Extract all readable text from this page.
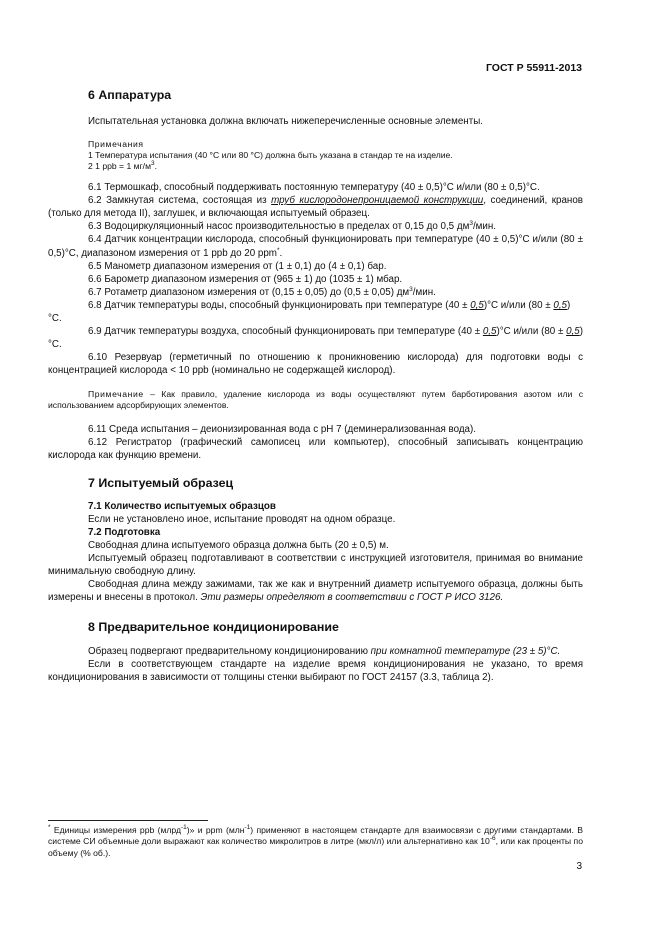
ГОСТ Р 55911-2013
6 Аппаратура

Испытательная установка должна включать нижеперечисленные основные элементы.

Примечания

1 Температура испытания (40 °С или 80 °С) должна быть указана в стандар те на изделие.

2 1 ppb = 1 $мг/м^3$.

6.1 Термошкаф, способный поддерживать постоянную температуру (40 ± 0,5)°С и/или (80 ± 0,5)°С.

6.2 Замкнутая система, состоящая из труб кислородонепроницаемой конструкции, соединений, кранов (только для метода II), заглушек, и включающая испытуемый образец.

6.3 Водоциркуляционный насос производительностью в пределах от 0,15 до 0,5 $дм^3$/мин.

6.4 Датчик концентрации кислорода, способный функционировать при температуре (40 ± 0,5)°С и/или (80 ± 0,5)°С, диапазоном измерения от 1 ppb до 20 ppm*.

6.5 Манометр диапазоном измерения от (1 ± 0,1) до (4 ± 0,1) бар.

6.6 Барометр диапазоном измерения от (965 ± 1) до (1035 ± 1) мбар.

6.7 Ротаметр диапазоном измерения от (0,15 ± 0,05) до (0,5 ± 0,05) $дм^3$/мин.

6.8 Датчик температуры воды, способный функционировать при температуре (40 ± 0,5)°С и/или (80 ± 0,5) °С.

6.9 Датчик температуры воздуха, способный функционировать при температуре (40 ± 0,5)°С и/или (80 ± 0,5)°С.

6.10 Резервуар (герметичный по отношению к проникновению кислорода) для подготовки воды с концентрацией кислорода < 10 ppb (номинально не содержащей кислород).

Примечание – Как правило, удаление кислорода из воды осуществляют путем барботирования азотом или с использованием адсорбирующих элементов.

6.11 Среда испытания – деионизированная вода с pH 7 (деминерализованная вода).

6.12 Регистратор (графический самописец или компьютер), способный записывать концентрацию кислорода как функцию времени.

7 Испытуемый образец

7.1 Количество испытуемых образцов

Если не установлено иное, испытание проводят на одном образце.

7.2 Подготовка

Свободная длина испытуемого образца должна быть (20 ± 0,5) м.

Испытуемый образец подготавливают в соответствии с инструкцией изготовителя, принимая во внимание минимальную свободную длину.

Свободная длина между зажимами, так же как и внутренний диаметр испытуемого образца, должны быть измерены и внесены в протокол. Эти размеры определяют в соответствии с ГОСТ Р ИСО 3126.

8 Предварительное кондиционирование

Образец подвергают предварительному кондиционированию при комнатной температуре (23 ± 5)°С.

Если в соответствующем стандарте на изделие время кондиционирования не указано, то время кондиционирования в зависимости от толщины стенки выбирают по ГОСТ 24157 (3.3, таблица 2).

* Единицы измерения ppb (млрд$^{-1}$)» и ppm (млн$^{-1}$) применяют в настоящем стандарте для взаимосвязи с другими стандартами. В системе СИ объемные доли выражают как количество микролитров в литре (мкл/л) или альтернативно как $10^{-6}$, или как проценты по объему (% об.).

3
